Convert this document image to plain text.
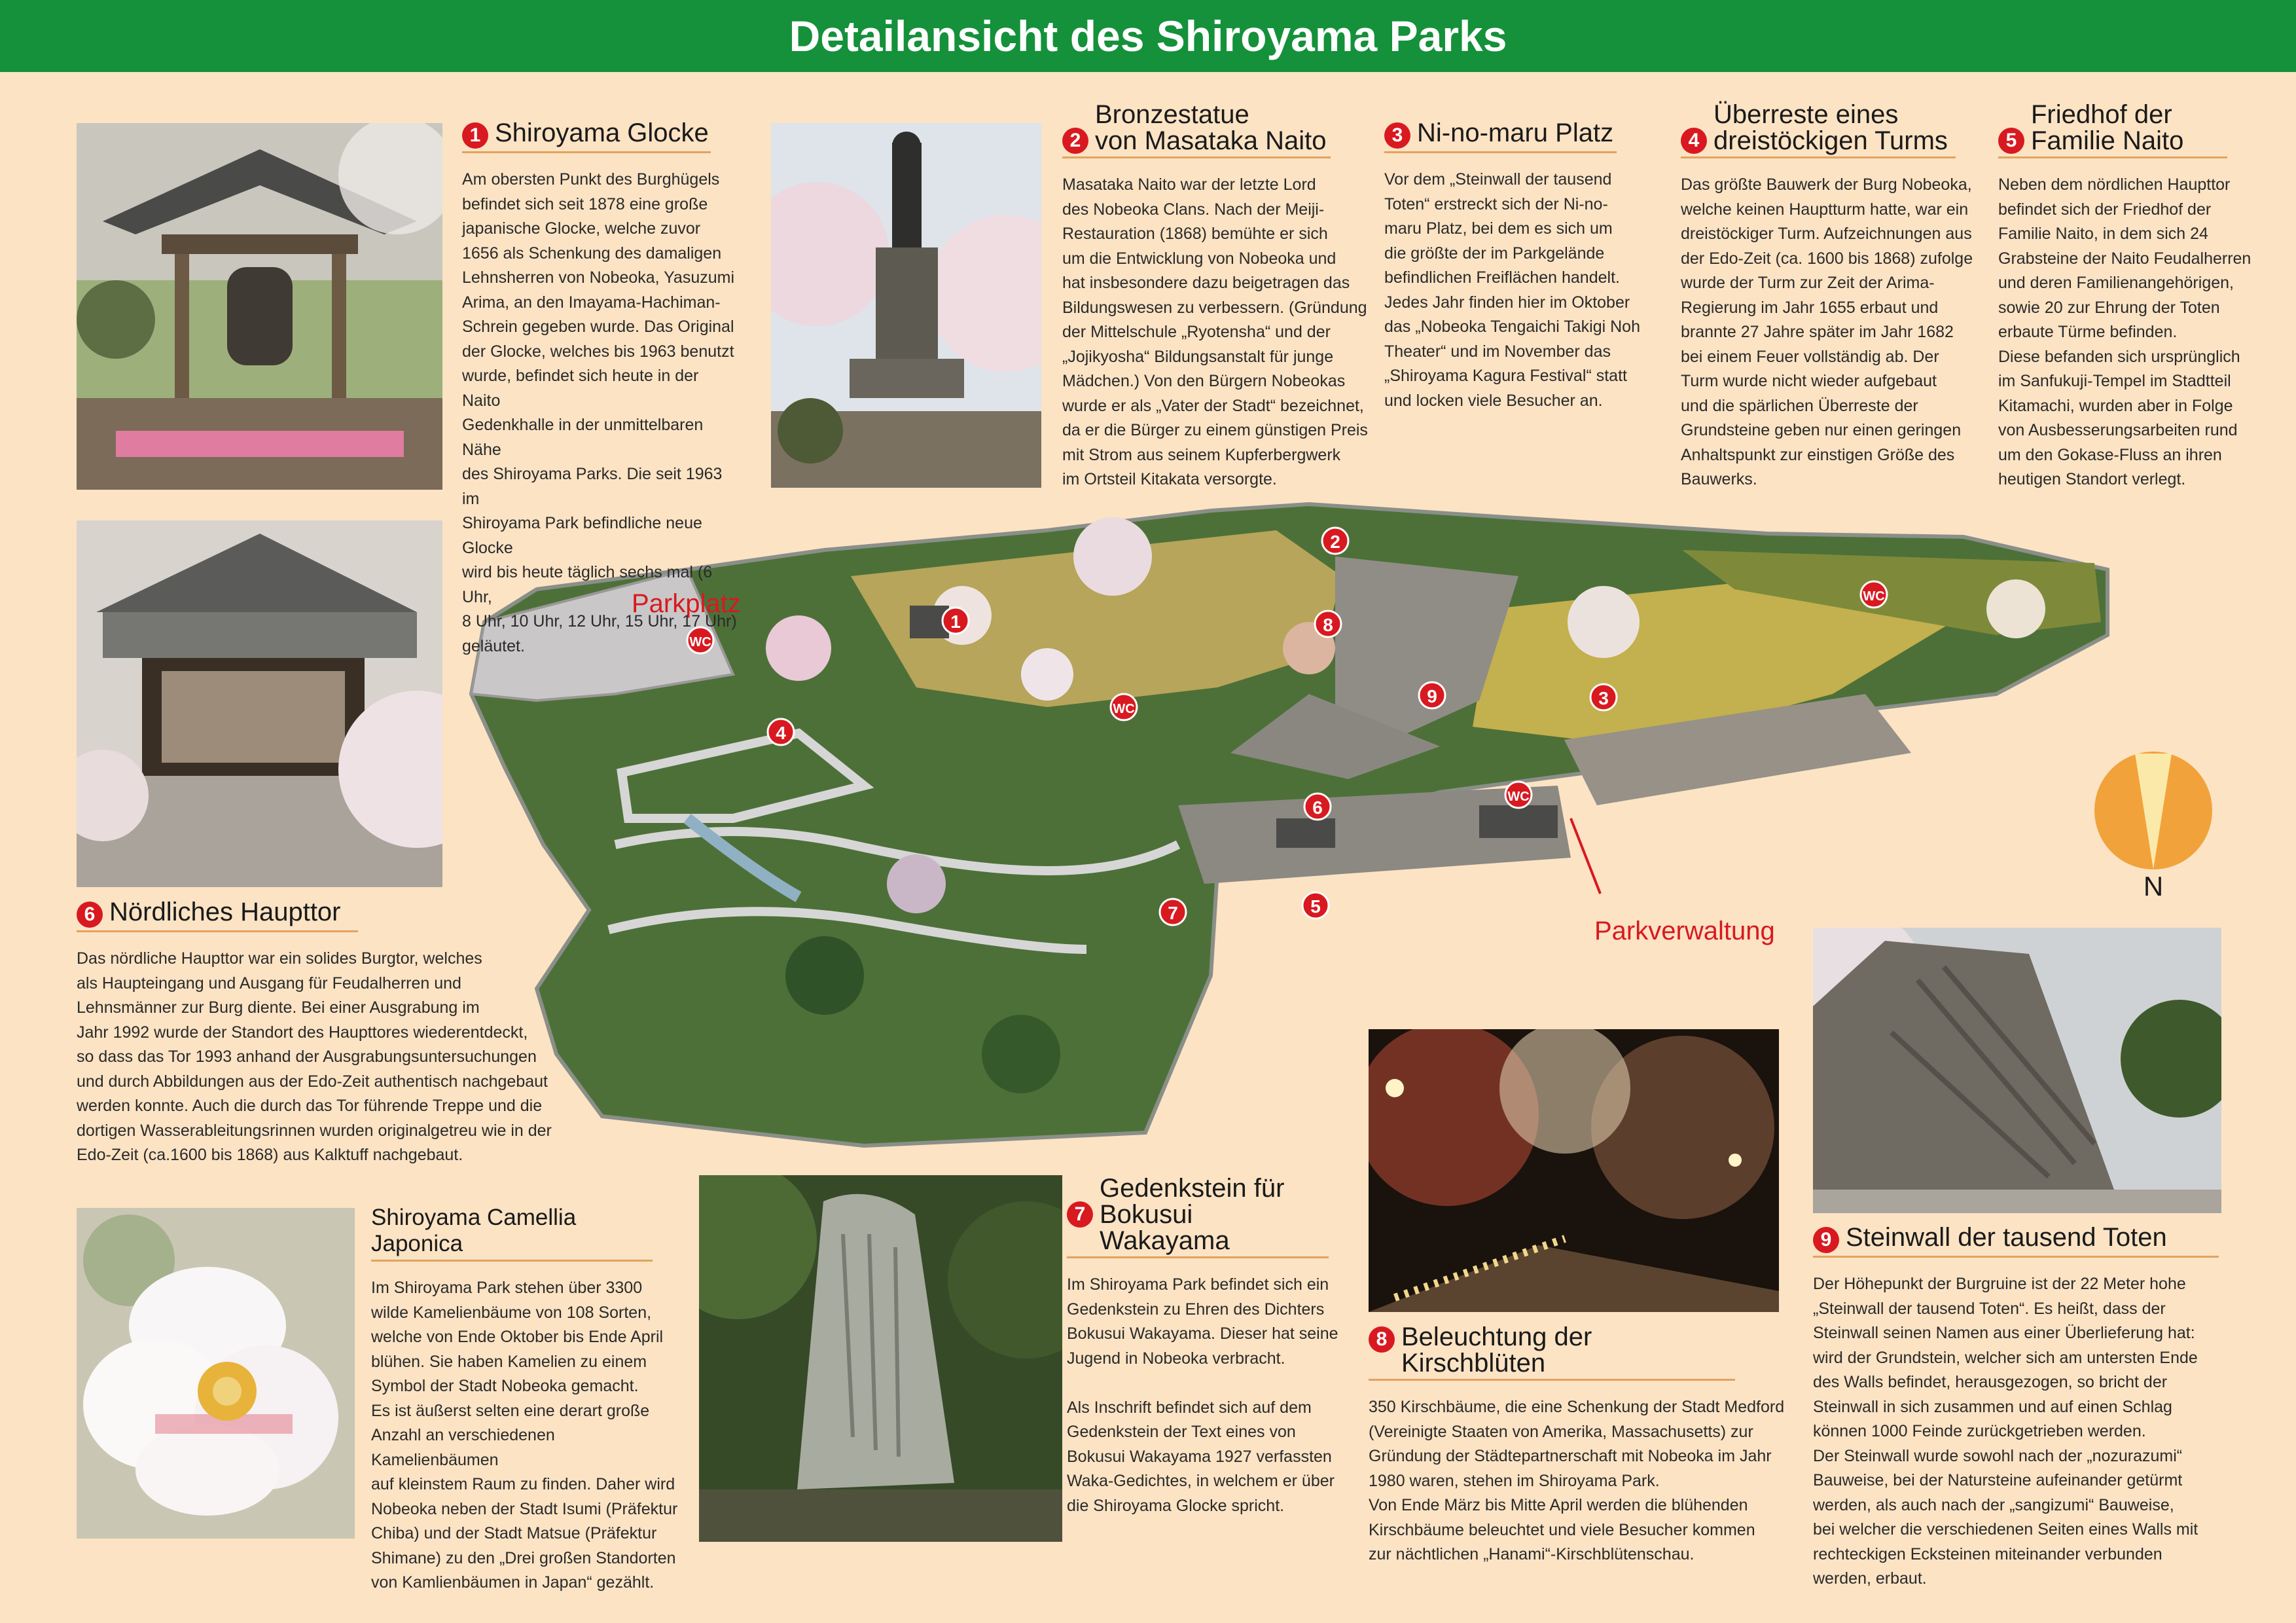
Detailansicht des Shiroyama Parks
1
2
3
4
5
6
7
8
9
WC
WC
WC
WC
Parkplatz
Parkverwaltung
N
1 Shiroyama Glocke
Am obersten Punkt des Burghügels
befindet sich seit 1878 eine große
japanische Glocke, welche zuvor
1656 als Schenkung des damaligen
Lehnsherren von Nobeoka, Yasuzumi
Arima, an den Imayama-Hachiman-
Schrein gegeben wurde. Das Original
der Glocke, welches bis 1963 benutzt
wurde, befindet sich heute in der Naito
Gedenkhalle in der unmittelbaren Nähe
des Shiroyama Parks. Die seit 1963 im
Shiroyama Park befindliche neue Glocke
wird bis heute täglich sechs mal (6 Uhr,
8 Uhr, 10 Uhr, 12 Uhr, 15 Uhr, 17 Uhr)
geläutet.
2
Bronzestatue
von Masataka Naito
Masataka Naito war der letzte Lord
des Nobeoka Clans. Nach der Meiji-
Restauration (1868) bemühte er sich
um die Entwicklung von Nobeoka und
hat insbesondere dazu beigetragen das
Bildungswesen zu verbessern. (Gründung
der Mittelschule „Ryotensha“ und der
„Jojikyosha“ Bildungsanstalt für junge
Mädchen.) Von den Bürgern Nobeokas
wurde er als „Vater der Stadt“ bezeichnet,
da er die Bürger zu einem günstigen Preis
mit Strom aus seinem Kupferbergwerk
im Ortsteil Kitakata versorgte.
3 Ni-no-maru Platz
Vor dem „Steinwall der tausend
Toten“ erstreckt sich der Ni-no-
maru Platz, bei dem es sich um
die größte der im Parkgelände
befindlichen Freiflächen handelt.
Jedes Jahr finden hier im Oktober
das „Nobeoka Tengaichi Takigi Noh
Theater“ und im November das
„Shiroyama Kagura Festival“ statt
und locken viele Besucher an.
4
Überreste eines
dreistöckigen Turms
Das größte Bauwerk der Burg Nobeoka,
welche keinen Hauptturm hatte, war ein
dreistöckiger Turm. Aufzeichnungen aus
der Edo-Zeit (ca. 1600 bis 1868) zufolge
wurde der Turm zur Zeit der Arima-
Regierung im Jahr 1655 erbaut und
brannte 27 Jahre später im Jahr 1682
bei einem Feuer vollständig ab. Der
Turm wurde nicht wieder aufgebaut
und die spärlichen Überreste der
Grundsteine geben nur einen geringen
Anhaltspunkt zur einstigen Größe des
Bauwerks.
5
Friedhof der
Familie Naito
Neben dem nördlichen Haupttor
befindet sich der Friedhof der
Familie Naito, in dem sich 24
Grabsteine der Naito Feudalherren
und deren Familienangehörigen,
sowie 20 zur Ehrung der Toten
erbaute Türme befinden.
Diese befanden sich ursprünglich
im Sanfukuji-Tempel im Stadtteil
Kitamachi, wurden aber in Folge
von Ausbesserungsarbeiten rund
um den Gokase-Fluss an ihren
heutigen Standort verlegt.
6 Nördliches Haupttor
Das nördliche Haupttor war ein solides Burgtor, welches
als Haupteingang und Ausgang für Feudalherren und
Lehnsmänner zur Burg diente. Bei einer Ausgrabung im
Jahr 1992 wurde der Standort des Haupttores wiederentdeckt,
so dass das Tor 1993 anhand der Ausgrabungsuntersuchungen
und durch Abbildungen aus der Edo-Zeit authentisch nachgebaut
werden konnte. Auch die durch das Tor führende Treppe und die
dortigen Wasserableitungsrinnen wurden originalgetreu wie in der
Edo-Zeit (ca.1600 bis 1868) aus Kalktuff nachgebaut.
Shiroyama Camellia Japonica
Im Shiroyama Park stehen über 3300
wilde Kamelienbäume von 108 Sorten,
welche von Ende Oktober bis Ende April
blühen. Sie haben Kamelien zu einem
Symbol der Stadt Nobeoka gemacht.
Es ist äußerst selten eine derart große
Anzahl an verschiedenen Kamelienbäumen
auf kleinstem Raum zu finden. Daher wird
Nobeoka neben der Stadt Isumi (Präfektur
Chiba) und der Stadt Matsue (Präfektur
Shimane) zu den „Drei großen Standorten
von Kamlienbäumen in Japan“ gezählt.
7
Gedenkstein für
Bokusui Wakayama
Im Shiroyama Park befindet sich ein
Gedenkstein zu Ehren des Dichters
Bokusui Wakayama. Dieser hat seine
Jugend in Nobeoka verbracht.

Als Inschrift befindet sich auf dem
Gedenkstein der Text eines von
Bokusui Wakayama 1927 verfassten
Waka-Gedichtes, in welchem er über
die Shiroyama Glocke spricht.
8 Beleuchtung der Kirschblüten
350 Kirschbäume, die eine Schenkung der Stadt Medford
(Vereinigte Staaten von Amerika, Massachusetts) zur
Gründung der Städtepartnerschaft mit Nobeoka im Jahr
1980 waren, stehen im Shiroyama Park.
Von Ende März bis Mitte April werden die blühenden
Kirschbäume beleuchtet und viele Besucher kommen
zur nächtlichen „Hanami“-Kirschblütenschau.
9 Steinwall der tausend Toten
Der Höhepunkt der Burgruine ist der 22 Meter hohe
„Steinwall der tausend Toten“. Es heißt, dass der
Steinwall seinen Namen aus einer Überlieferung hat:
wird der Grundstein, welcher sich am untersten Ende
des Walls befindet, herausgezogen, so bricht der
Steinwall in sich zusammen und auf einen Schlag
können 1000 Feinde zurückgetrieben werden.
Der Steinwall wurde sowohl nach der „nozurazumi“
Bauweise, bei der Natursteine aufeinander getürmt
werden, als auch nach der „sangizumi“ Bauweise,
bei welcher die verschiedenen Seiten eines Walls mit
rechteckigen Ecksteinen miteinander verbunden
werden, erbaut.
